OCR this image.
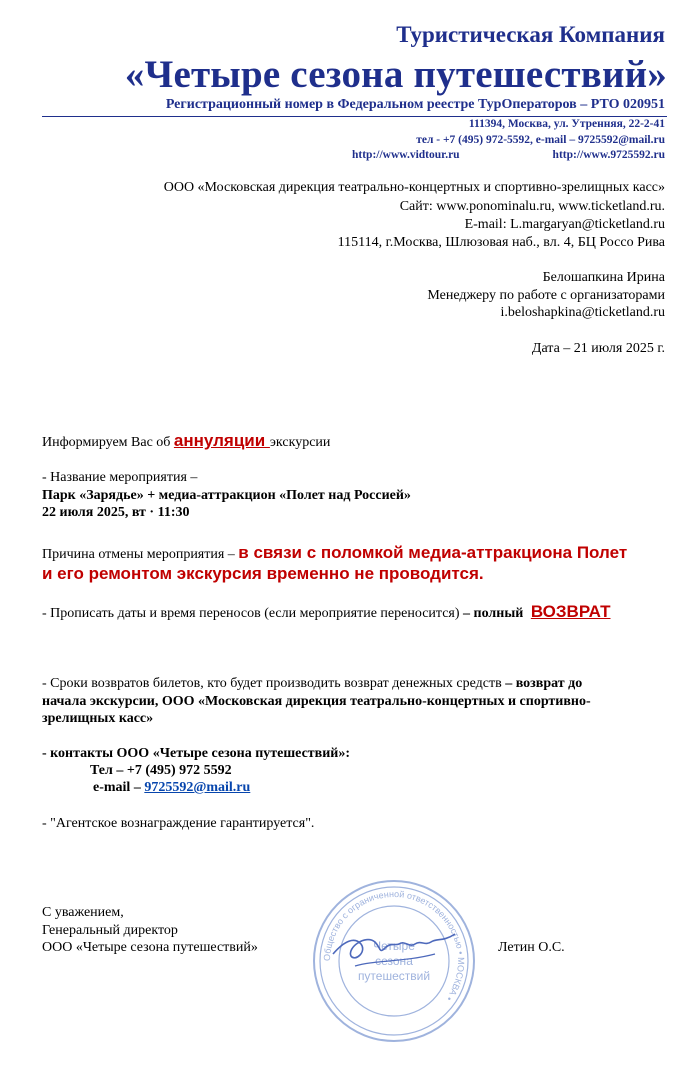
Туристическая Компания
«Четыре сезона путешествий»
Регистрационный номер в Федеральном реестре ТурОператоров – РТО 020951
111394, Москва, ул. Утренняя, 22-2-41
тел - +7 (495) 972-5592, e-mail – 9725592@mail.ru
http://www.vidtour.ru	http://www.9725592.ru
ООО «Московская дирекция театрально-концертных и спортивно-зрелищных касс»
Сайт: www.ponominalu.ru, www.ticketland.ru.
E-mail: L.margaryan@ticketland.ru
115114, г.Москва, Шлюзовая наб., вл. 4, БЦ Россо Рива
Белошапкина Ирина
Менеджеру по работе с организаторами
i.beloshapkina@ticketland.ru
Дата – 21 июля 2025 г.
Информируем Вас об аннуляции экскурсии
- Название мероприятия –
Парк «Зарядье» + медиа-аттракцион «Полет над Россией»
22 июля 2025, вт · 11:30
Причина отмены мероприятия – в связи с поломкой медиа-аттракциона Полет
и его ремонтом экскурсия временно не проводится.
- Прописать даты и время переносов (если мероприятие переносится) – полный ВОЗВРАТ
- Сроки возвратов билетов, кто будет производить возврат денежных средств – возврат до
начала экскурсии, ООО «Московская дирекция театрально-концертных и спортивно-
зрелищных касс»
- контакты ООО «Четыре сезона путешествий»:
Тел – +7 (495) 972 5592
e-mail – 9725592@mail.ru
- "Агентское вознаграждение гарантируется".
С уважением,
Генеральный директор
ООО «Четыре сезона путешествий»	Летин О.С.
Общество с ограниченной ответственностью • МОСКВА •
Четыре
сезона
путешествий
